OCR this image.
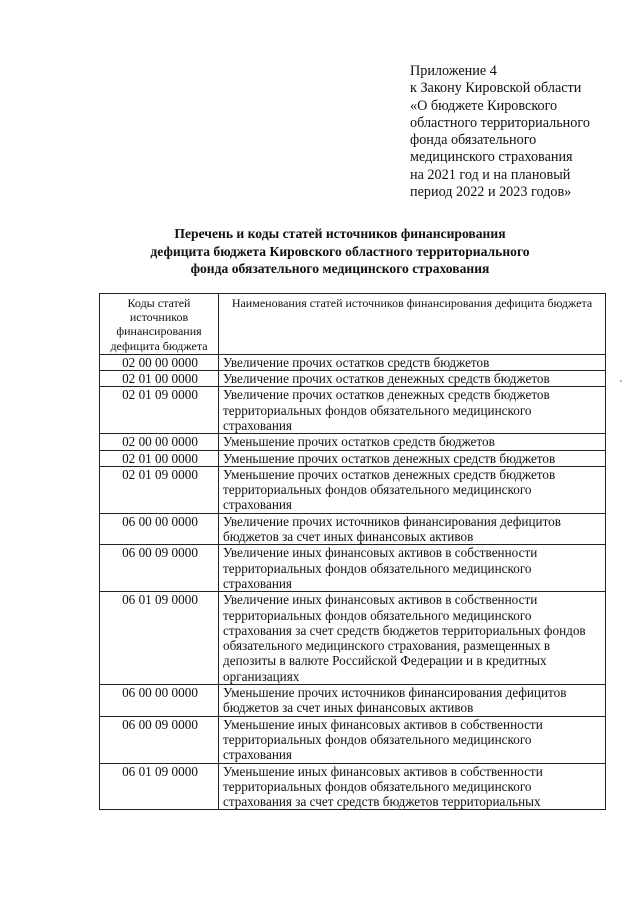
Приложение 4
к Закону Кировской области
«О бюджете Кировского
областного территориального
фонда обязательного
медицинского страхования
на 2021 год и на плановый
период 2022 и 2023 годов»
Перечень и коды статей источников финансирования
дефицита бюджета Кировского областного территориального
фонда обязательного медицинского страхования
Коды статей источников финансирования дефицита бюджета	Наименования статей источников финансирования дефицита бюджета
02 00 00 0000	Увеличение прочих остатков средств бюджетов
02 01 00 0000	Увеличение прочих остатков денежных средств бюджетов
02 01 09 0000	Увеличение прочих остатков денежных средств бюджетов территориальных фондов обязательного медицинского страхования
02 00 00 0000	Уменьшение прочих остатков средств бюджетов
02 01 00 0000	Уменьшение прочих остатков денежных средств бюджетов
02 01 09 0000	Уменьшение прочих остатков денежных средств бюджетов территориальных фондов обязательного медицинского страхования
06 00 00 0000	Увеличение прочих источников финансирования дефицитов бюджетов за счет иных финансовых активов
06 00 09 0000	Увеличение иных финансовых активов в собственности территориальных фондов обязательного медицинского страхования
06 01 09 0000	Увеличение иных финансовых активов в собственности территориальных фондов обязательного медицинского страхования за счет средств бюджетов территориальных фондов обязательного медицинского страхования, размещенных в депозиты в валюте Российской Федерации и в кредитных организациях
06 00 00 0000	Уменьшение прочих источников финансирования дефицитов бюджетов за счет иных финансовых активов
06 00 09 0000	Уменьшение иных финансовых активов в собственности территориальных фондов обязательного медицинского страхования
06 01 09 0000	Уменьшение иных финансовых активов в собственности территориальных фондов обязательного медицинского страхования за счет средств бюджетов территориальных
